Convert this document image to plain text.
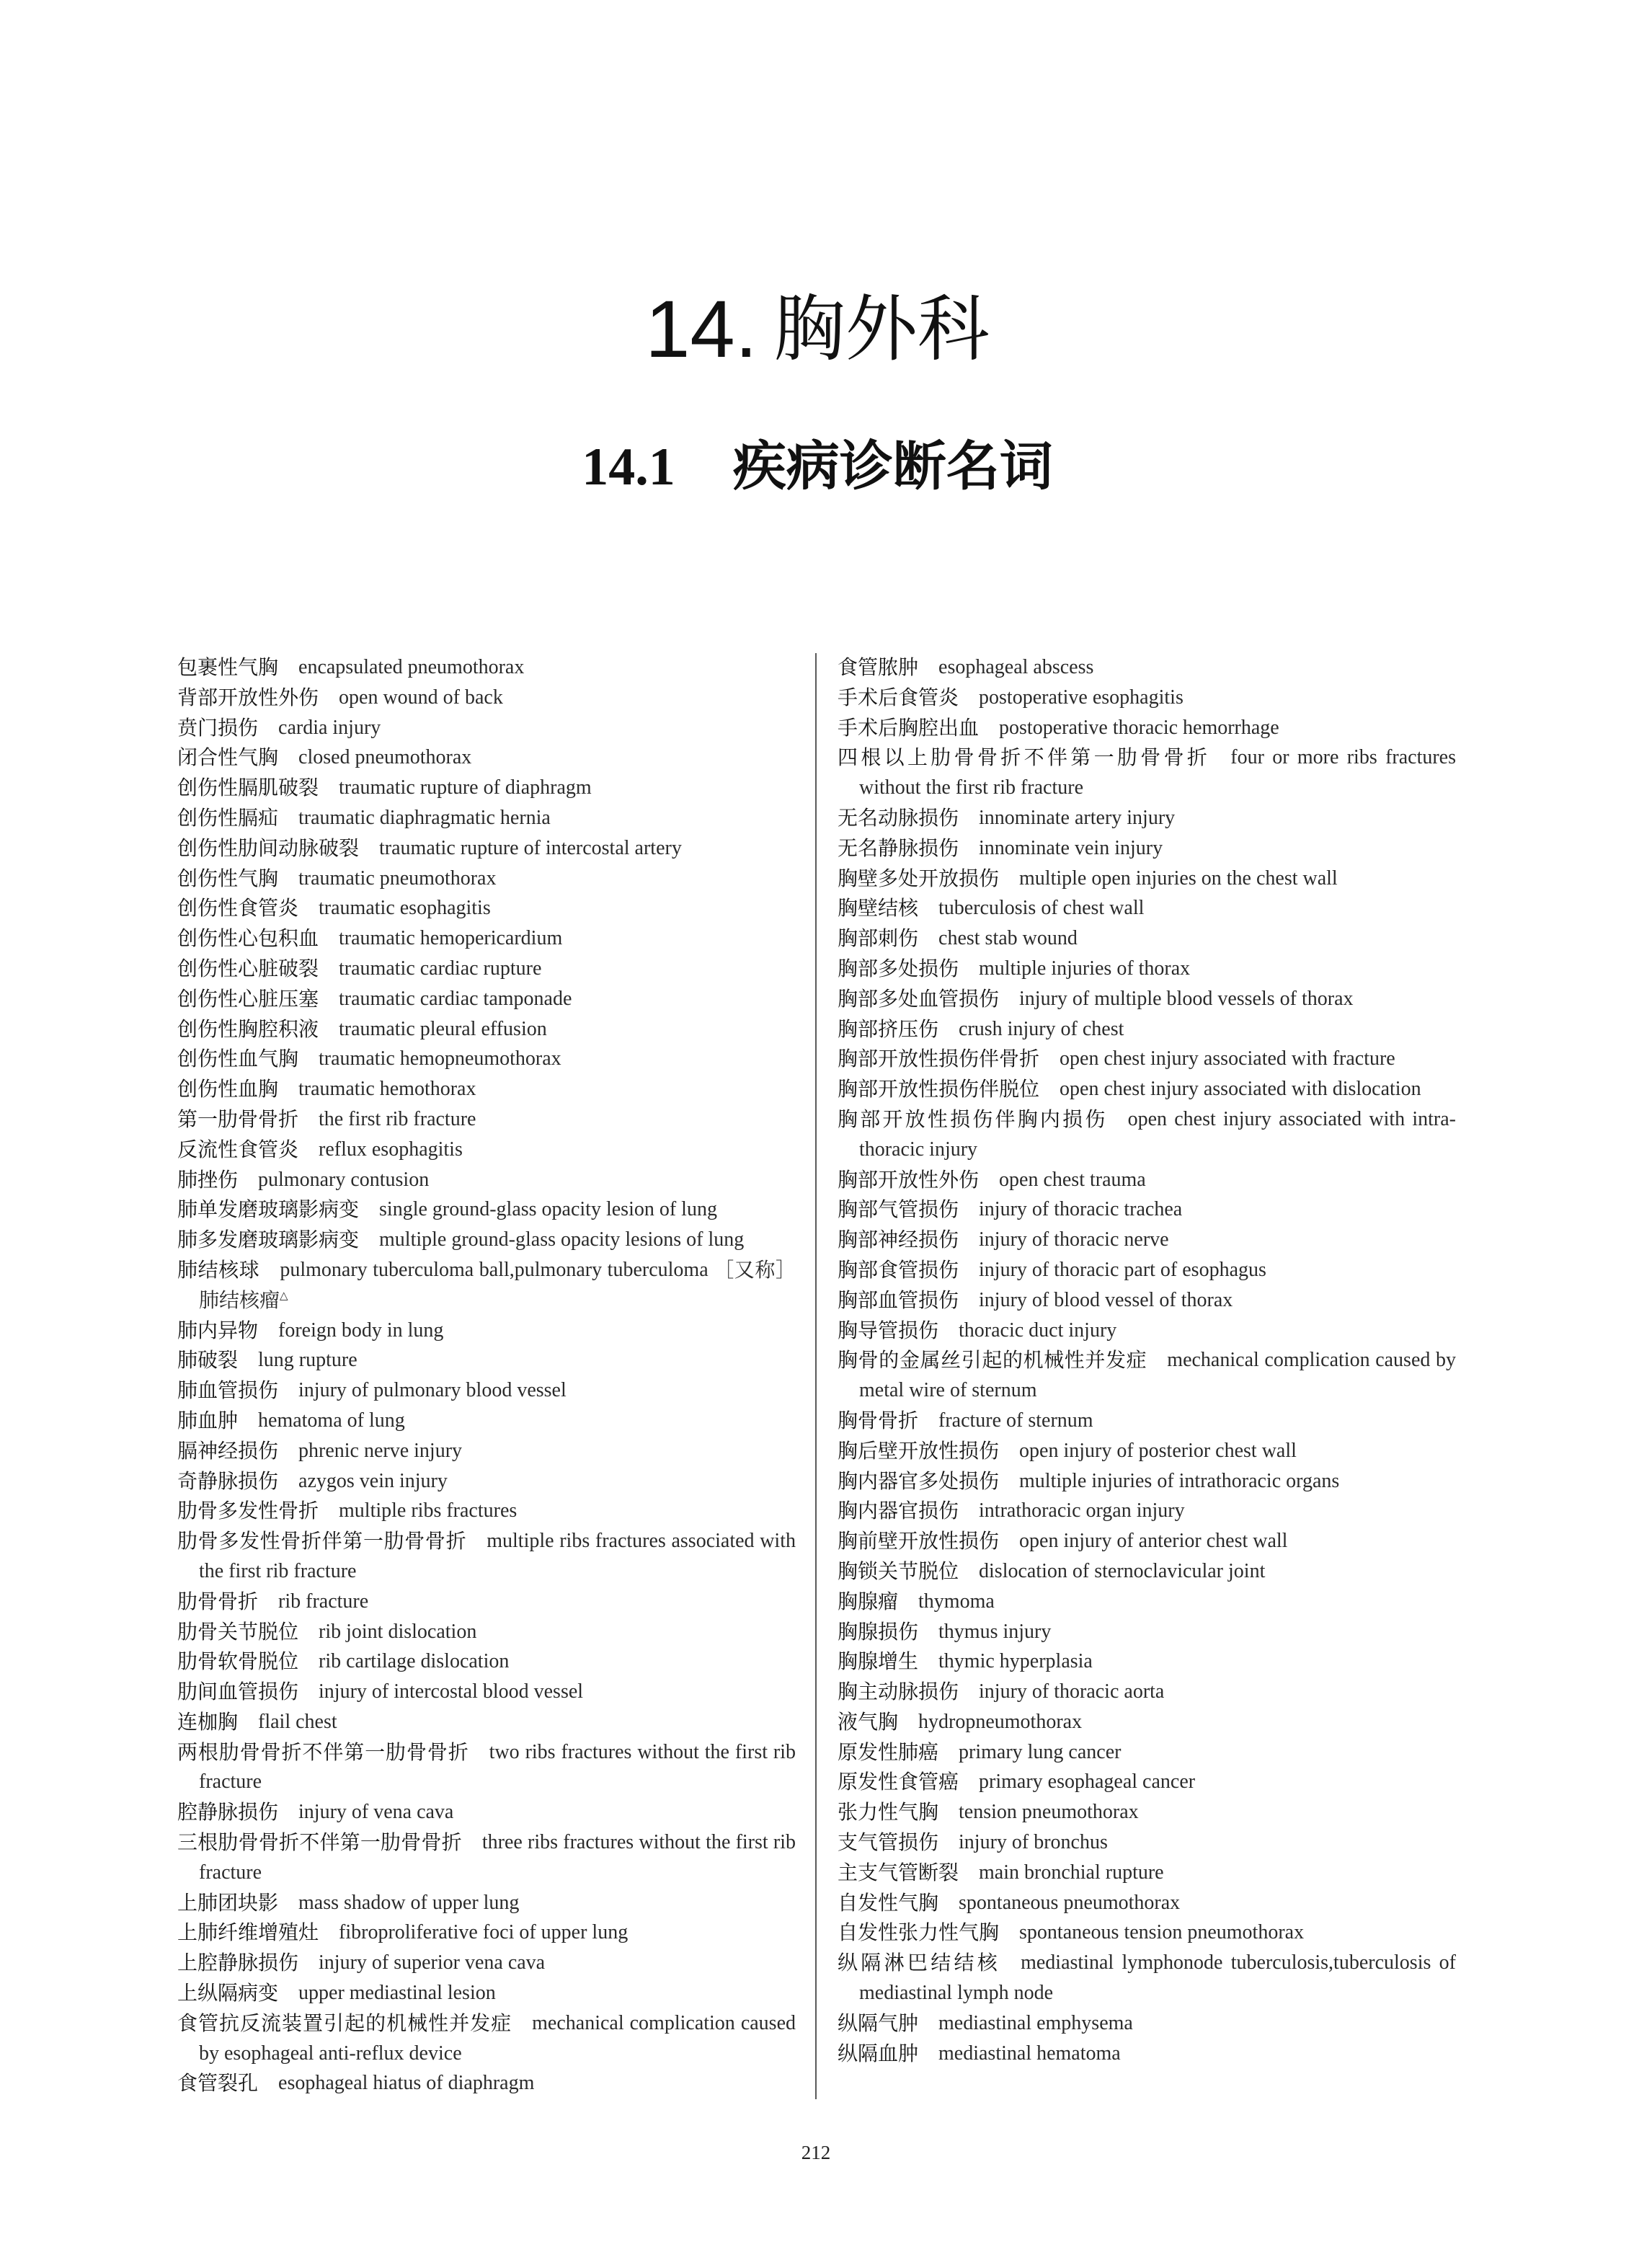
14. 胸外科
14.1 疾病诊断名词
包裹性气胸 encapsulated pneumothorax
背部开放性外伤 open wound of back
贲门损伤 cardia injury
闭合性气胸 closed pneumothorax
创伤性膈肌破裂 traumatic rupture of diaphragm
创伤性膈疝 traumatic diaphragmatic hernia
创伤性肋间动脉破裂 traumatic rupture of intercostal artery
创伤性气胸 traumatic pneumothorax
创伤性食管炎 traumatic esophagitis
创伤性心包积血 traumatic hemopericardium
创伤性心脏破裂 traumatic cardiac rupture
创伤性心脏压塞 traumatic cardiac tamponade
创伤性胸腔积液 traumatic pleural effusion
创伤性血气胸 traumatic hemopneumothorax
创伤性血胸 traumatic hemothorax
第一肋骨骨折 the first rib fracture
反流性食管炎 reflux esophagitis
肺挫伤 pulmonary contusion
肺单发磨玻璃影病变 single ground-glass opacity lesion of lung
肺多发磨玻璃影病变 multiple ground-glass opacity lesions of lung
肺结核球 pulmonary tuberculoma ball,pulmonary tuberculoma ［又称］肺结核瘤△
肺内异物 foreign body in lung
肺破裂 lung rupture
肺血管损伤 injury of pulmonary blood vessel
肺血肿 hematoma of lung
膈神经损伤 phrenic nerve injury
奇静脉损伤 azygos vein injury
肋骨多发性骨折 multiple ribs fractures
肋骨多发性骨折伴第一肋骨骨折 multiple ribs fractures associated with the first rib fracture
肋骨骨折 rib fracture
肋骨关节脱位 rib joint dislocation
肋骨软骨脱位 rib cartilage dislocation
肋间血管损伤 injury of intercostal blood vessel
连枷胸 flail chest
两根肋骨骨折不伴第一肋骨骨折 two ribs fractures without the first rib fracture
腔静脉损伤 injury of vena cava
三根肋骨骨折不伴第一肋骨骨折 three ribs fractures without the first rib fracture
上肺团块影 mass shadow of upper lung
上肺纤维增殖灶 fibroproliferative foci of upper lung
上腔静脉损伤 injury of superior vena cava
上纵隔病变 upper mediastinal lesion
食管抗反流装置引起的机械性并发症 mechanical complication caused by esophageal anti-reflux device
食管裂孔 esophageal hiatus of diaphragm
食管脓肿 esophageal abscess
手术后食管炎 postoperative esophagitis
手术后胸腔出血 postoperative thoracic hemorrhage
四根以上肋骨骨折不伴第一肋骨骨折 four or more ribs fractures without the first rib fracture
无名动脉损伤 innominate artery injury
无名静脉损伤 innominate vein injury
胸壁多处开放损伤 multiple open injuries on the chest wall
胸壁结核 tuberculosis of chest wall
胸部刺伤 chest stab wound
胸部多处损伤 multiple injuries of thorax
胸部多处血管损伤 injury of multiple blood vessels of thorax
胸部挤压伤 crush injury of chest
胸部开放性损伤伴骨折 open chest injury associated with fracture
胸部开放性损伤伴脱位 open chest injury associated with dislocation
胸部开放性损伤伴胸内损伤 open chest injury associated with intra-thoracic injury
胸部开放性外伤 open chest trauma
胸部气管损伤 injury of thoracic trachea
胸部神经损伤 injury of thoracic nerve
胸部食管损伤 injury of thoracic part of esophagus
胸部血管损伤 injury of blood vessel of thorax
胸导管损伤 thoracic duct injury
胸骨的金属丝引起的机械性并发症 mechanical complication caused by metal wire of sternum
胸骨骨折 fracture of sternum
胸后壁开放性损伤 open injury of posterior chest wall
胸内器官多处损伤 multiple injuries of intrathoracic organs
胸内器官损伤 intrathoracic organ injury
胸前壁开放性损伤 open injury of anterior chest wall
胸锁关节脱位 dislocation of sternoclavicular joint
胸腺瘤 thymoma
胸腺损伤 thymus injury
胸腺增生 thymic hyperplasia
胸主动脉损伤 injury of thoracic aorta
液气胸 hydropneumothorax
原发性肺癌 primary lung cancer
原发性食管癌 primary esophageal cancer
张力性气胸 tension pneumothorax
支气管损伤 injury of bronchus
主支气管断裂 main bronchial rupture
自发性气胸 spontaneous pneumothorax
自发性张力性气胸 spontaneous tension pneumothorax
纵隔淋巴结结核 mediastinal lymphonode tuberculosis,tuberculosis of mediastinal lymph node
纵隔气肿 mediastinal emphysema
纵隔血肿 mediastinal hematoma
212
